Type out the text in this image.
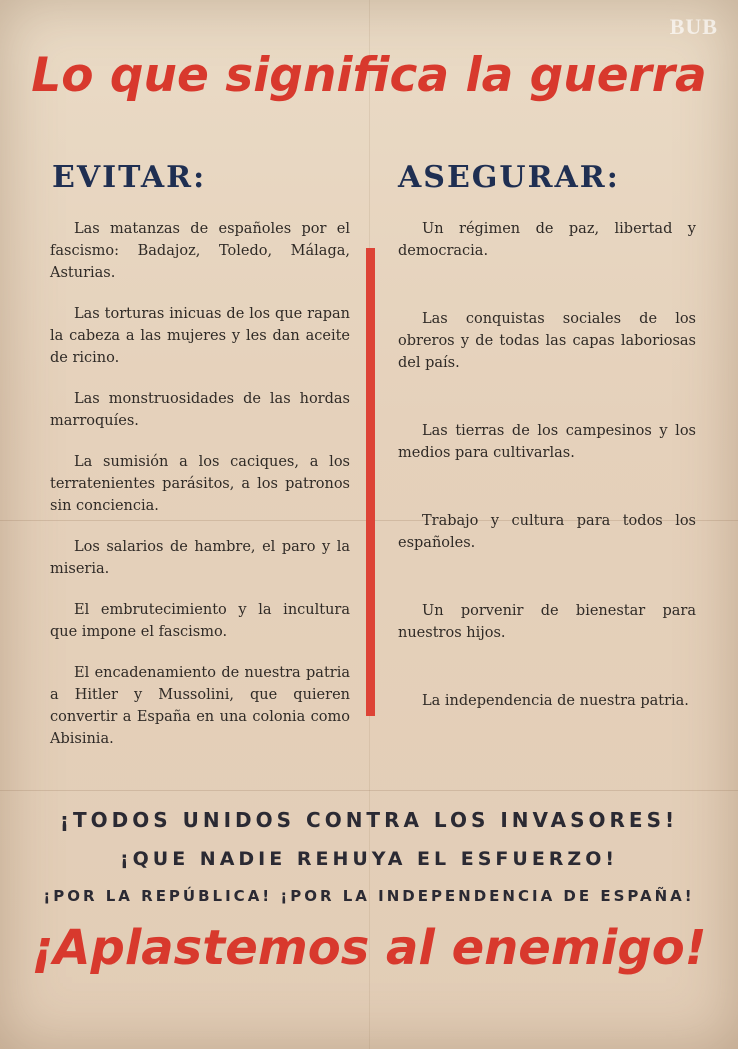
BUB
Lo que significa la guerra
EVITAR:	ASEGURAR:

Las matanzas de españoles por el fascismo: Badajoz, Toledo, Málaga, Asturias.

Las torturas inicuas de los que rapan la cabeza a las mujeres y les dan aceite de ricino.

Las monstruosidades de las hordas marroquíes.

La sumisión a los caciques, a los terratenientes parásitos, a los patronos sin conciencia.

Los salarios de hambre, el paro y la miseria.

El embrutecimiento y la incultura que impone el fascismo.

El encadenamiento de nuestra patria a Hitler y Mussolini, que quieren convertir a España en una colonia como Abisinia.

Un régimen de paz, libertad y democracia.

Las conquistas sociales de los obreros y de todas las capas laboriosas del país.

Las tierras de los campesinos y los medios para cultivarlas.

Trabajo y cultura para todos los españoles.

Un porvenir de bienestar para nuestros hijos.

La independencia de nuestra patria.

¡TODOS UNIDOS CONTRA LOS INVASORES!
¡QUE NADIE REHUYA EL ESFUERZO!
¡POR LA REPÚBLICA! ¡POR LA INDEPENDENCIA DE ESPAÑA!
¡Aplastemos al enemigo!
